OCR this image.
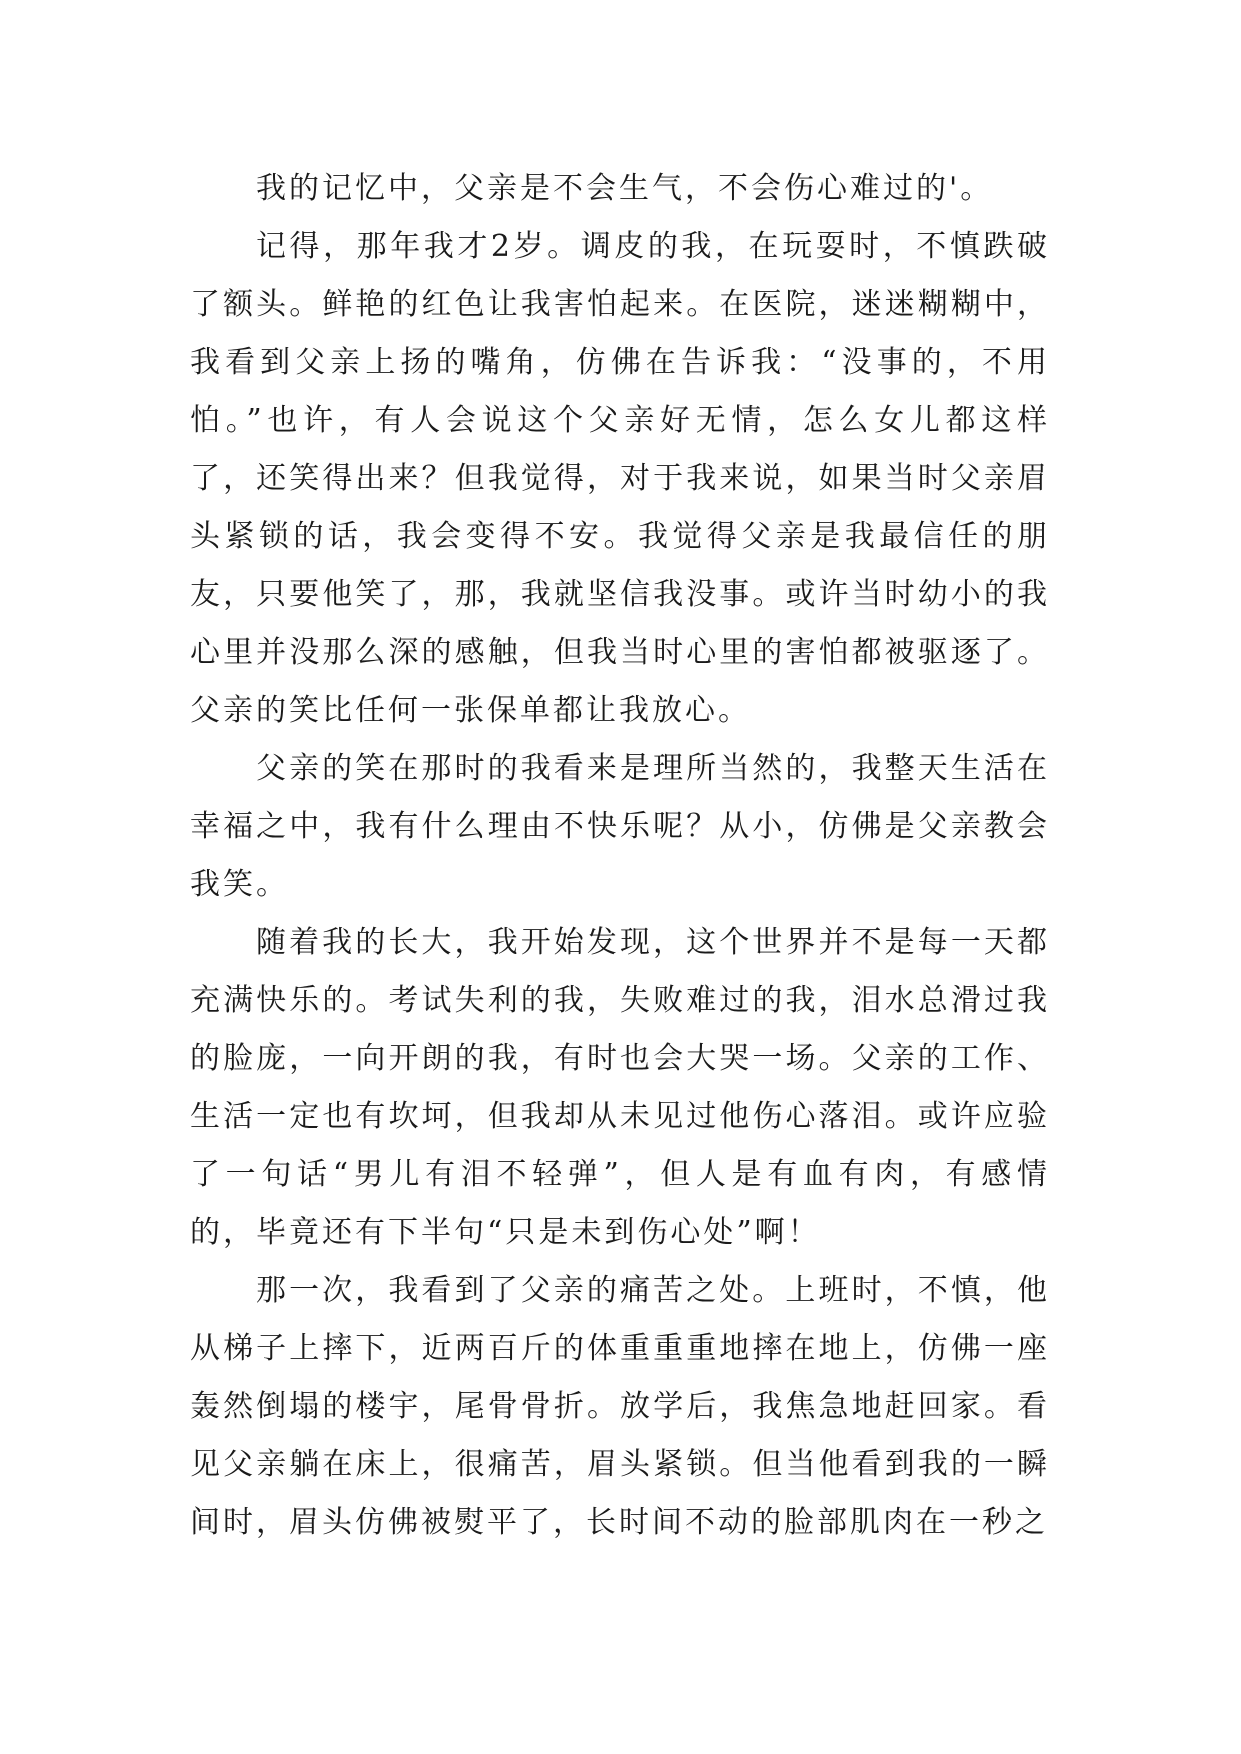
我的记忆中，父亲是不会生气，不会伤心难过的'。

记得，那年我才2岁。调皮的我，在玩耍时，不慎跌破了额头。鲜艳的红色让我害怕起来。在医院，迷迷糊糊中，我看到父亲上扬的嘴角，仿佛在告诉我：“没事的，不用怕。”也许，有人会说这个父亲好无情，怎么女儿都这样了，还笑得出来？但我觉得，对于我来说，如果当时父亲眉头紧锁的话，我会变得不安。我觉得父亲是我最信任的朋友，只要他笑了，那，我就坚信我没事。或许当时幼小的我心里并没那么深的感触，但我当时心里的害怕都被驱逐了。父亲的笑比任何一张保单都让我放心。

父亲的笑在那时的我看来是理所当然的，我整天生活在幸福之中，我有什么理由不快乐呢？从小，仿佛是父亲教会我笑。

随着我的长大，我开始发现，这个世界并不是每一天都充满快乐的。考试失利的我，失败难过的我，泪水总滑过我的脸庞，一向开朗的我，有时也会大哭一场。父亲的工作、生活一定也有坎坷，但我却从未见过他伤心落泪。或许应验了一句话“男儿有泪不轻弹”，但人是有血有肉，有感情的，毕竟还有下半句“只是未到伤心处”啊！

那一次，我看到了父亲的痛苦之处。上班时，不慎，他从梯子上摔下，近两百斤的体重重重地摔在地上，仿佛一座轰然倒塌的楼宇，尾骨骨折。放学后，我焦急地赶回家。看见父亲躺在床上，很痛苦，眉头紧锁。但当他看到我的一瞬间时，眉头仿佛被熨平了，长时间不动的脸部肌肉在一秒之
